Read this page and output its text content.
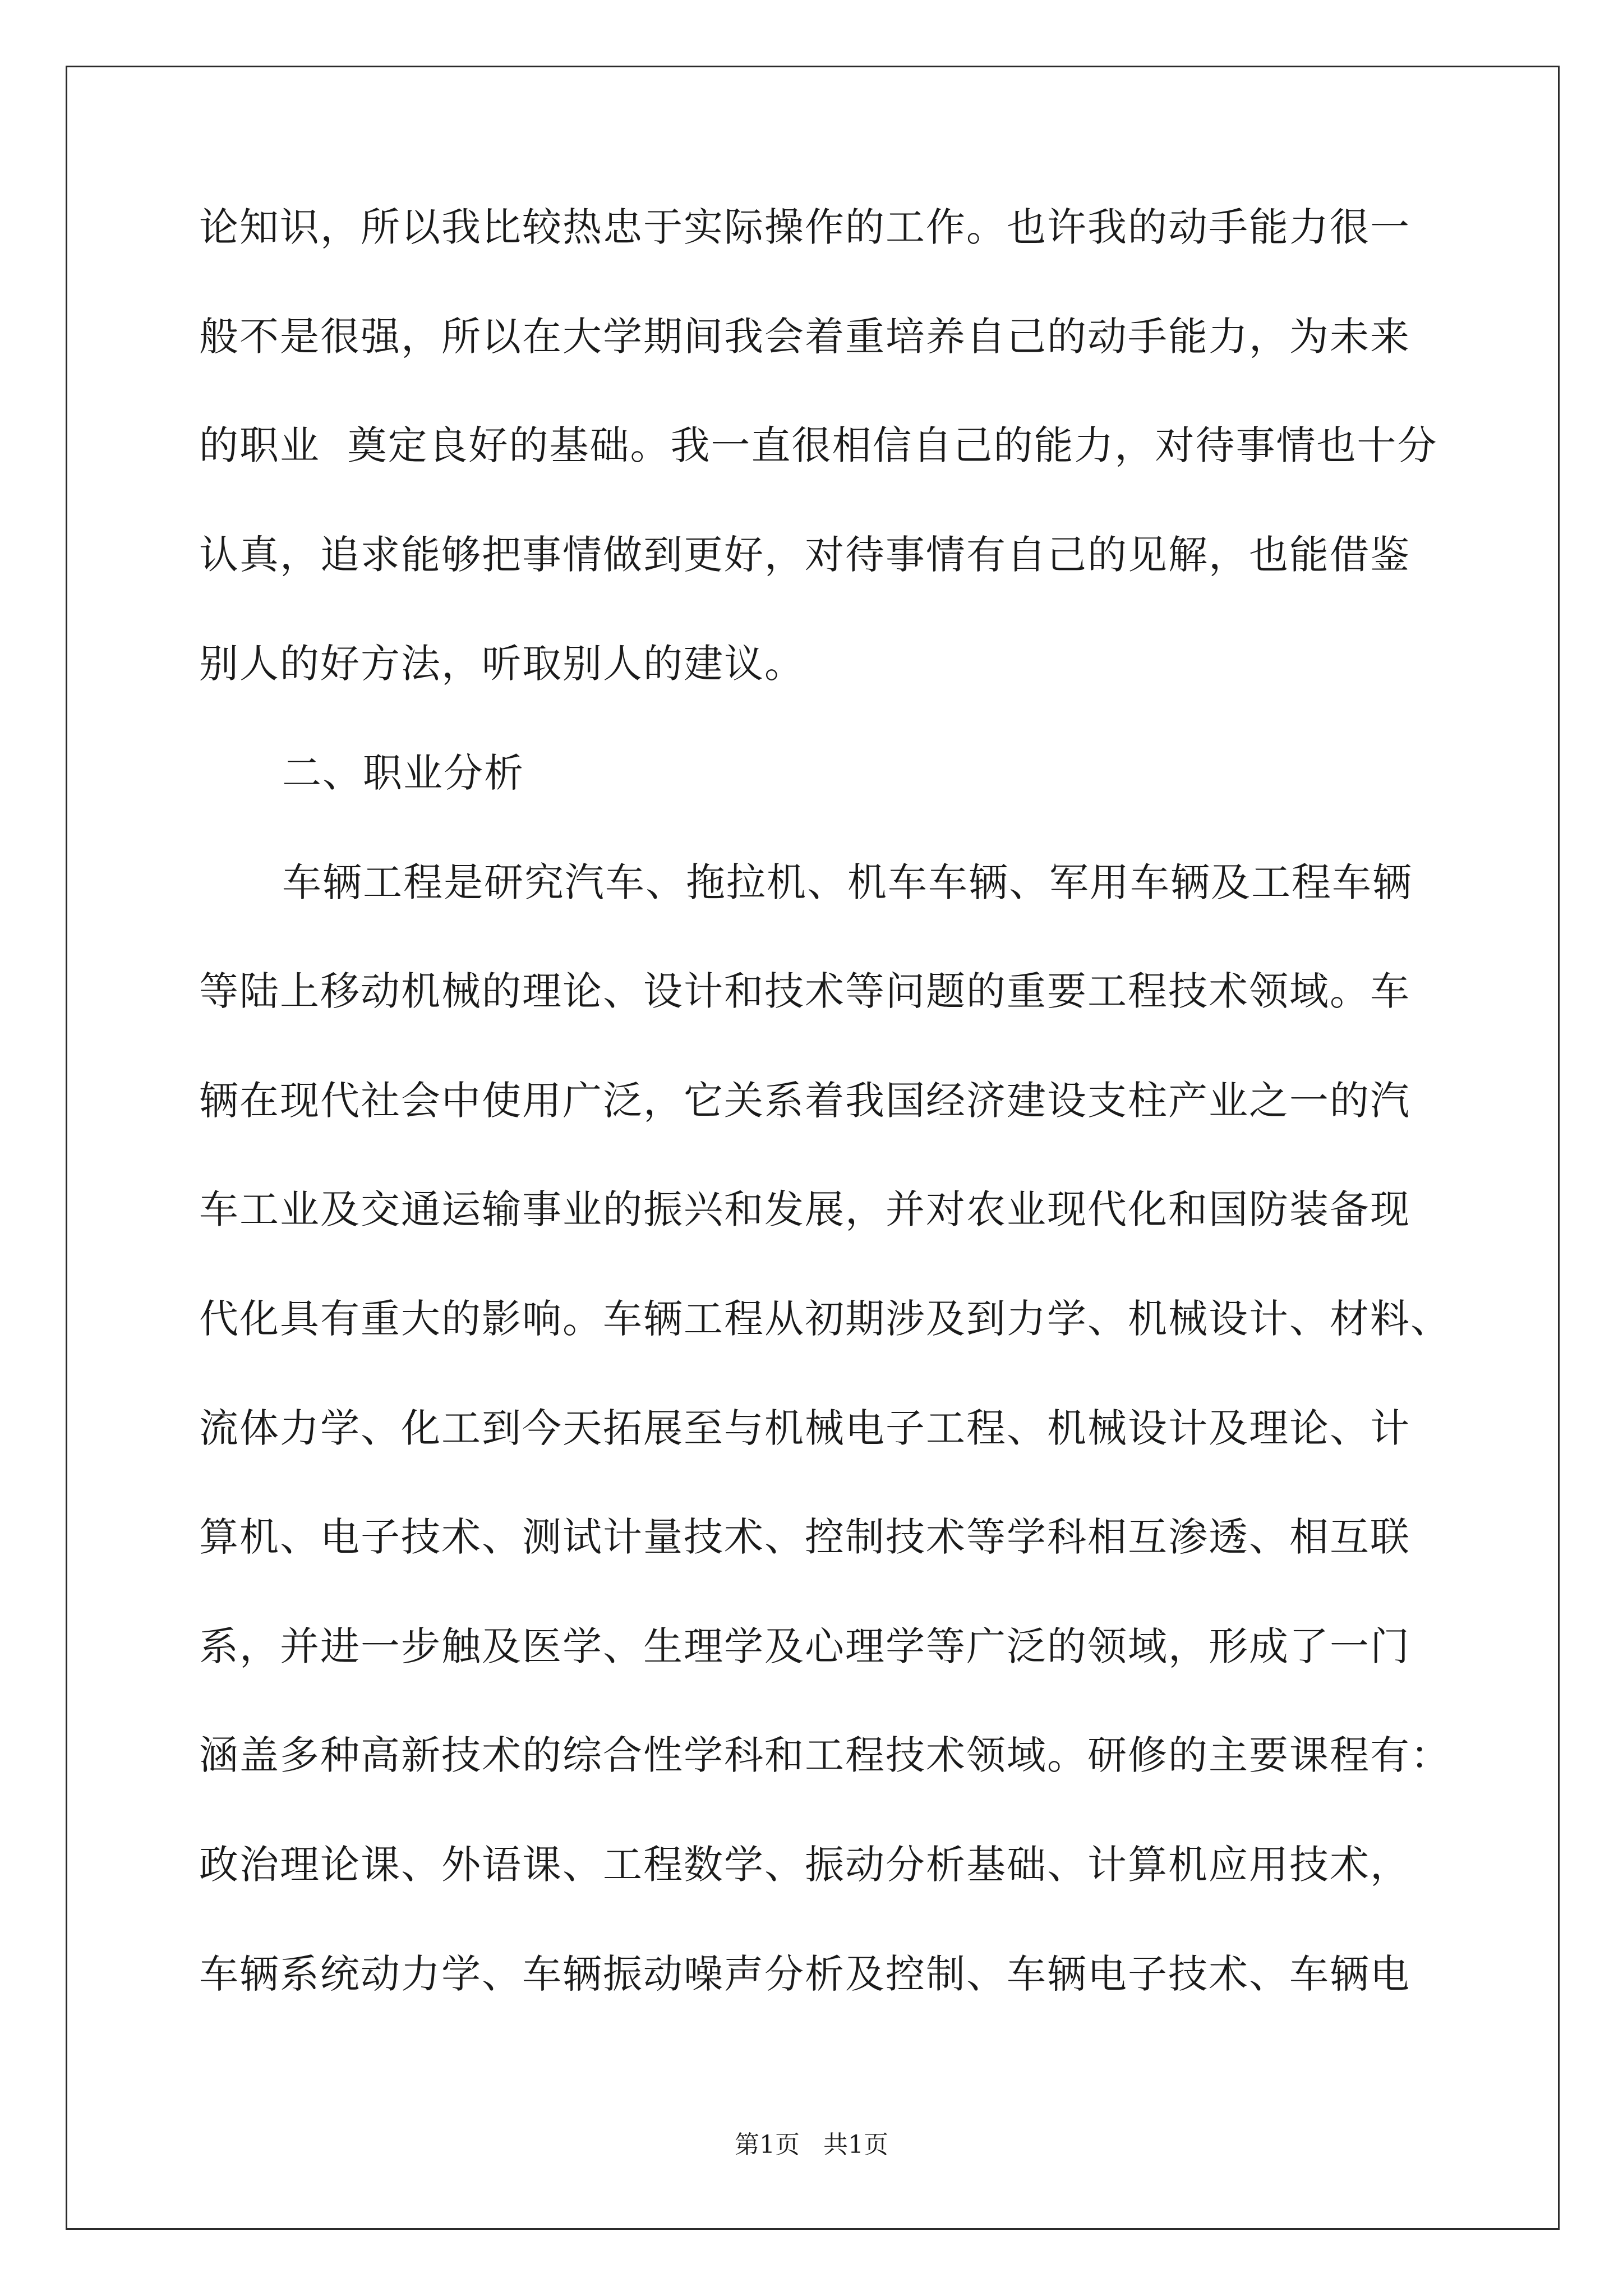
论知识，所以我比较热忠于实际操作的工作。也许我的动手能力很一
般不是很强，所以在大学期间我会着重培养自己的动手能力，为未来
的职业  奠定良好的基础。我一直很相信自己的能力，对待事情也十分
认真，追求能够把事情做到更好，对待事情有自己的见解，也能借鉴
别人的好方法，听取别人的建议。
二、职业分析
车辆工程是研究汽车、拖拉机、机车车辆、军用车辆及工程车辆
等陆上移动机械的理论、设计和技术等问题的重要工程技术领域。车
辆在现代社会中使用广泛，它关系着我国经济建设支柱产业之一的汽
车工业及交通运输事业的振兴和发展，并对农业现代化和国防装备现
代化具有重大的影响。车辆工程从初期涉及到力学、机械设计、材料、
流体力学、化工到今天拓展至与机械电子工程、机械设计及理论、计
算机、电子技术、测试计量技术、控制技术等学科相互渗透、相互联
系，并进一步触及医学、生理学及心理学等广泛的领域，形成了一门
涵盖多种高新技术的综合性学科和工程技术领域。研修的主要课程有：
政治理论课、外语课、工程数学、振动分析基础、计算机应用技术，
车辆系统动力学、车辆振动噪声分析及控制、车辆电子技术、车辆电
第1页   共1页
